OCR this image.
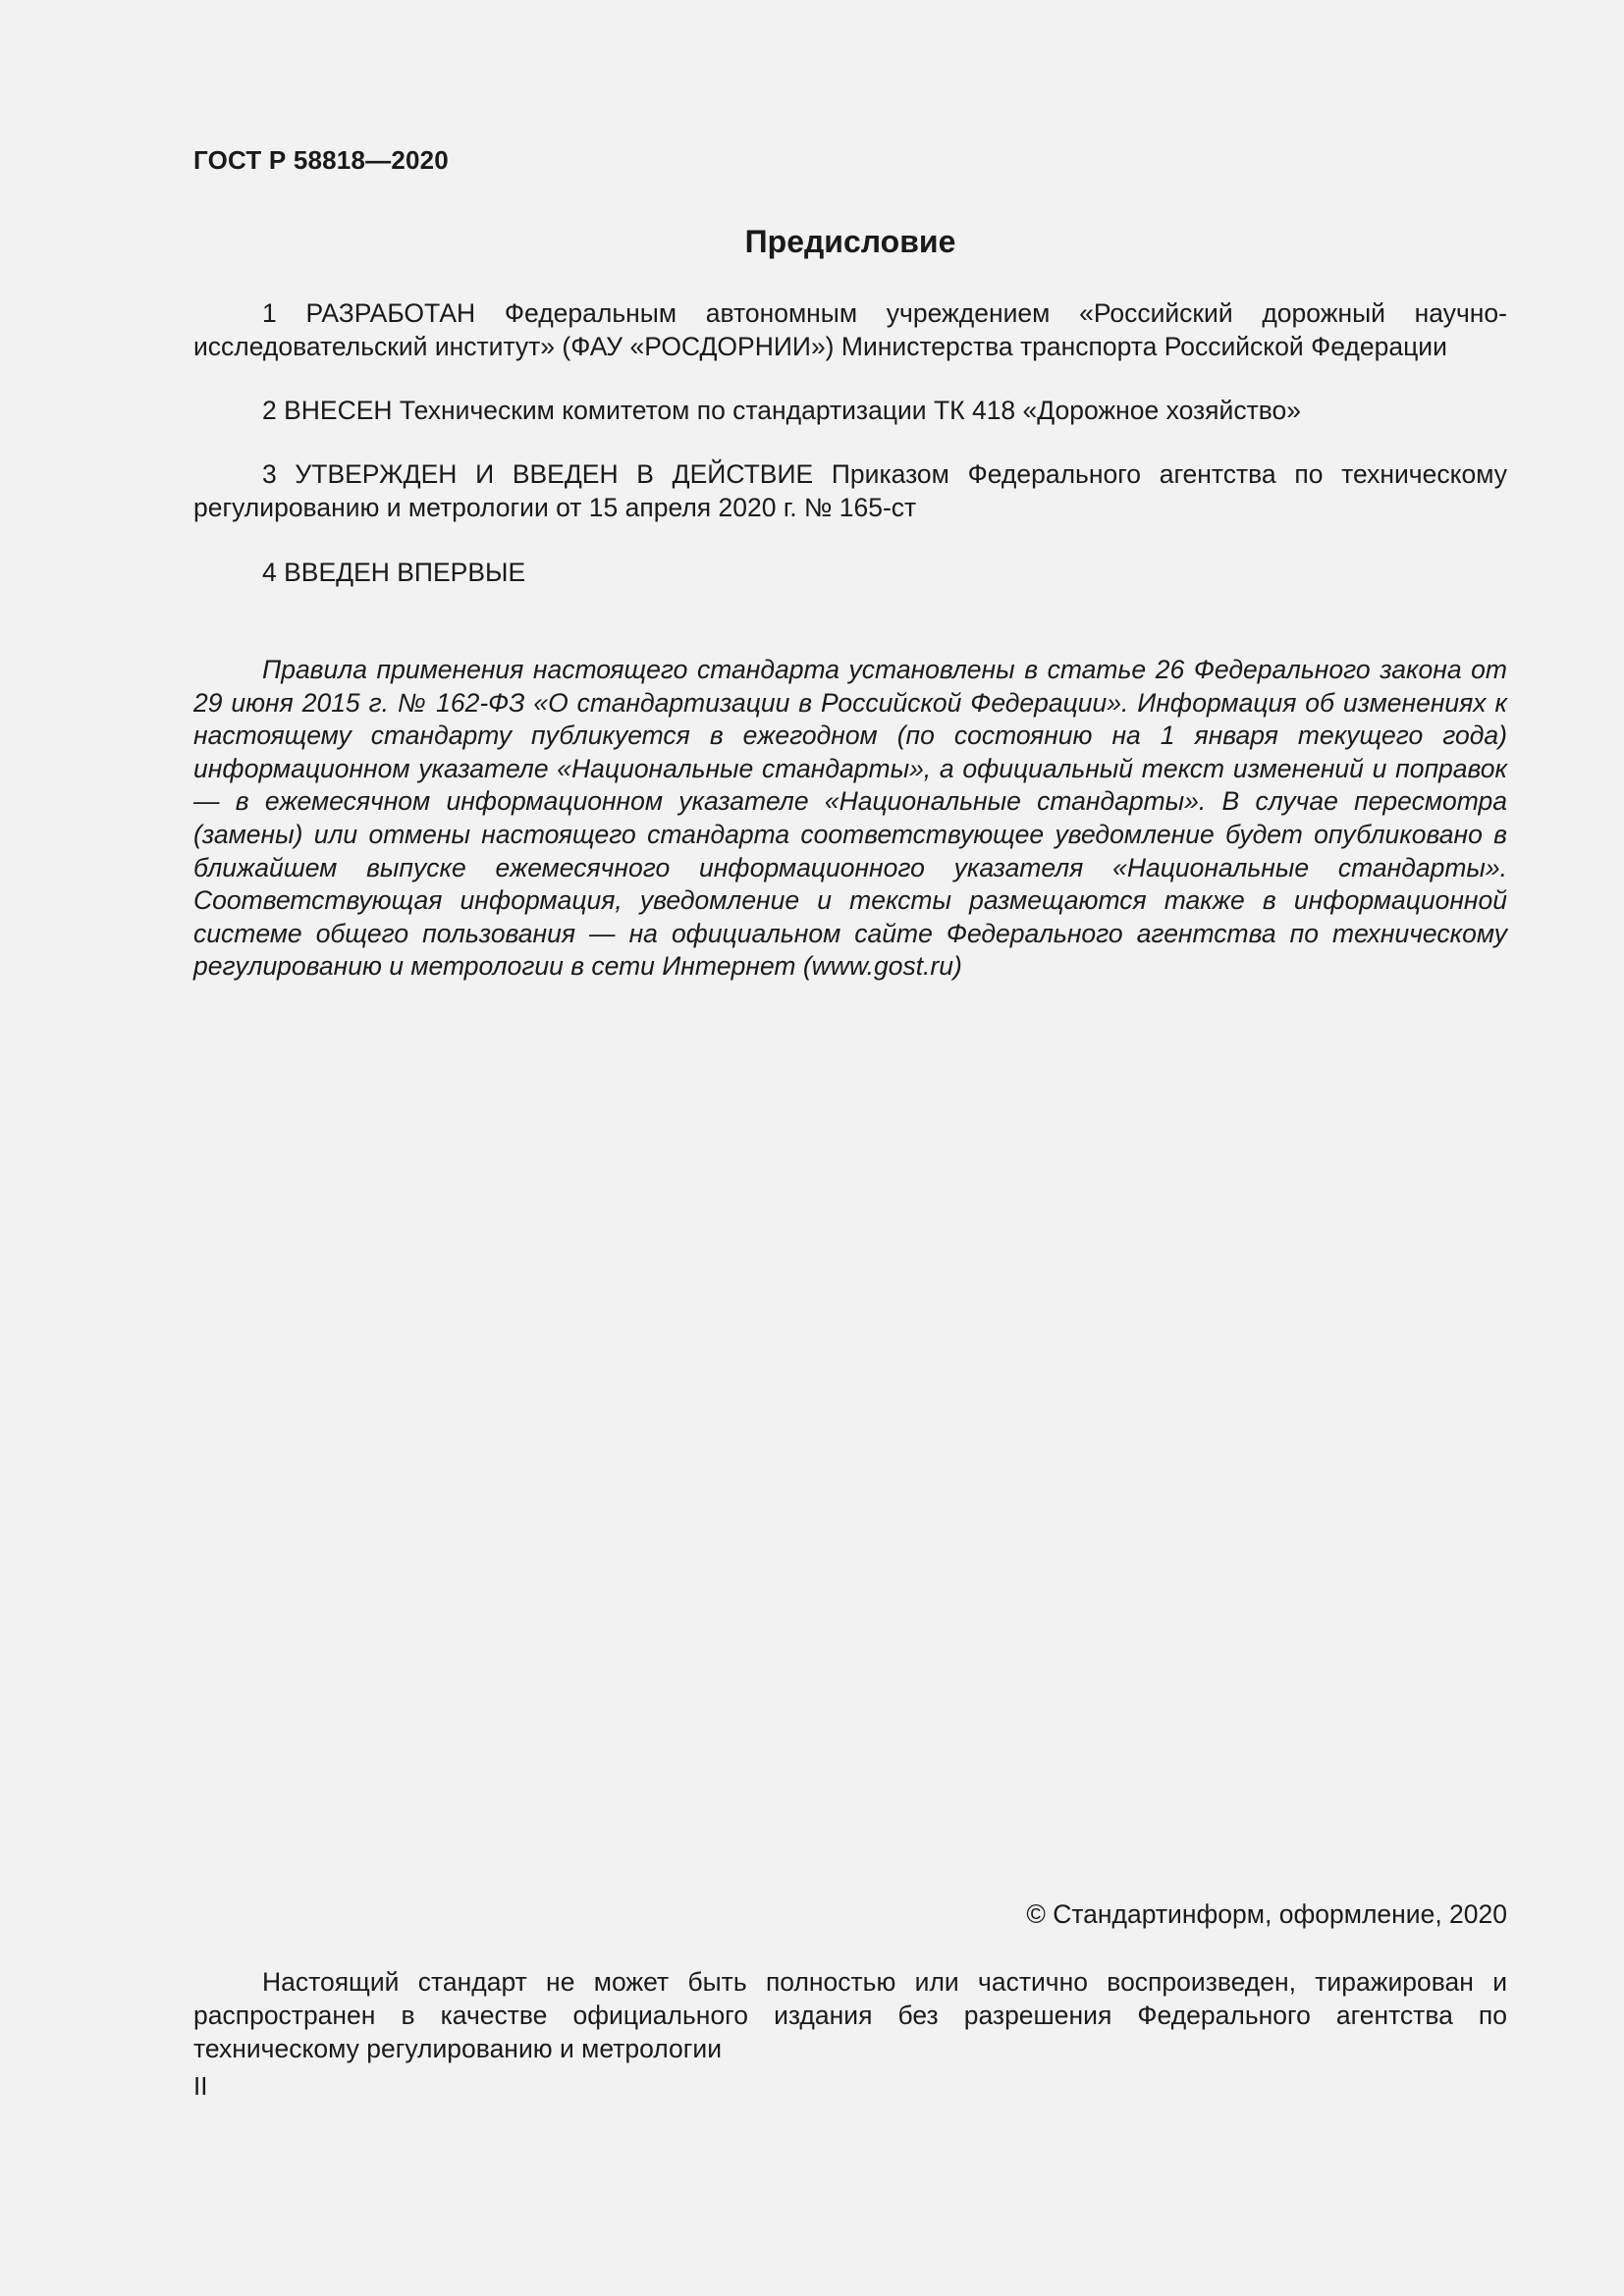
ГОСТ Р 58818—2020
Предисловие

1 РАЗРАБОТАН Федеральным автономным учреждением «Российский дорожный научно-исследовательский институт» (ФАУ «РОСДОРНИИ») Министерства транспорта Российской Федерации

2 ВНЕСЕН Техническим комитетом по стандартизации ТК 418 «Дорожное хозяйство»

3 УТВЕРЖДЕН И ВВЕДЕН В ДЕЙСТВИЕ Приказом Федерального агентства по техническому регулированию и метрологии от 15 апреля 2020 г. № 165-ст

4 ВВЕДЕН ВПЕРВЫЕ

Правила применения настоящего стандарта установлены в статье 26 Федерального закона от 29 июня 2015 г. № 162-ФЗ «О стандартизации в Российской Федерации». Информация об изменениях к настоящему стандарту публикуется в ежегодном (по состоянию на 1 января текущего года) информационном указателе «Национальные стандарты», а официальный текст изменений и поправок — в ежемесячном информационном указателе «Национальные стандарты». В случае пересмотра (замены) или отмены настоящего стандарта соответствующее уведомление будет опубликовано в ближайшем выпуске ежемесячного информационного указателя «Национальные стандарты». Соответствующая информация, уведомление и тексты размещаются также в информационной системе общего пользования — на официальном сайте Федерального агентства по техническому регулированию и метрологии в сети Интернет (www.gost.ru)

© Стандартинформ, оформление, 2020

Настоящий стандарт не может быть полностью или частично воспроизведен, тиражирован и распространен в качестве официального издания без разрешения Федерального агентства по техническому регулированию и метрологии

II
